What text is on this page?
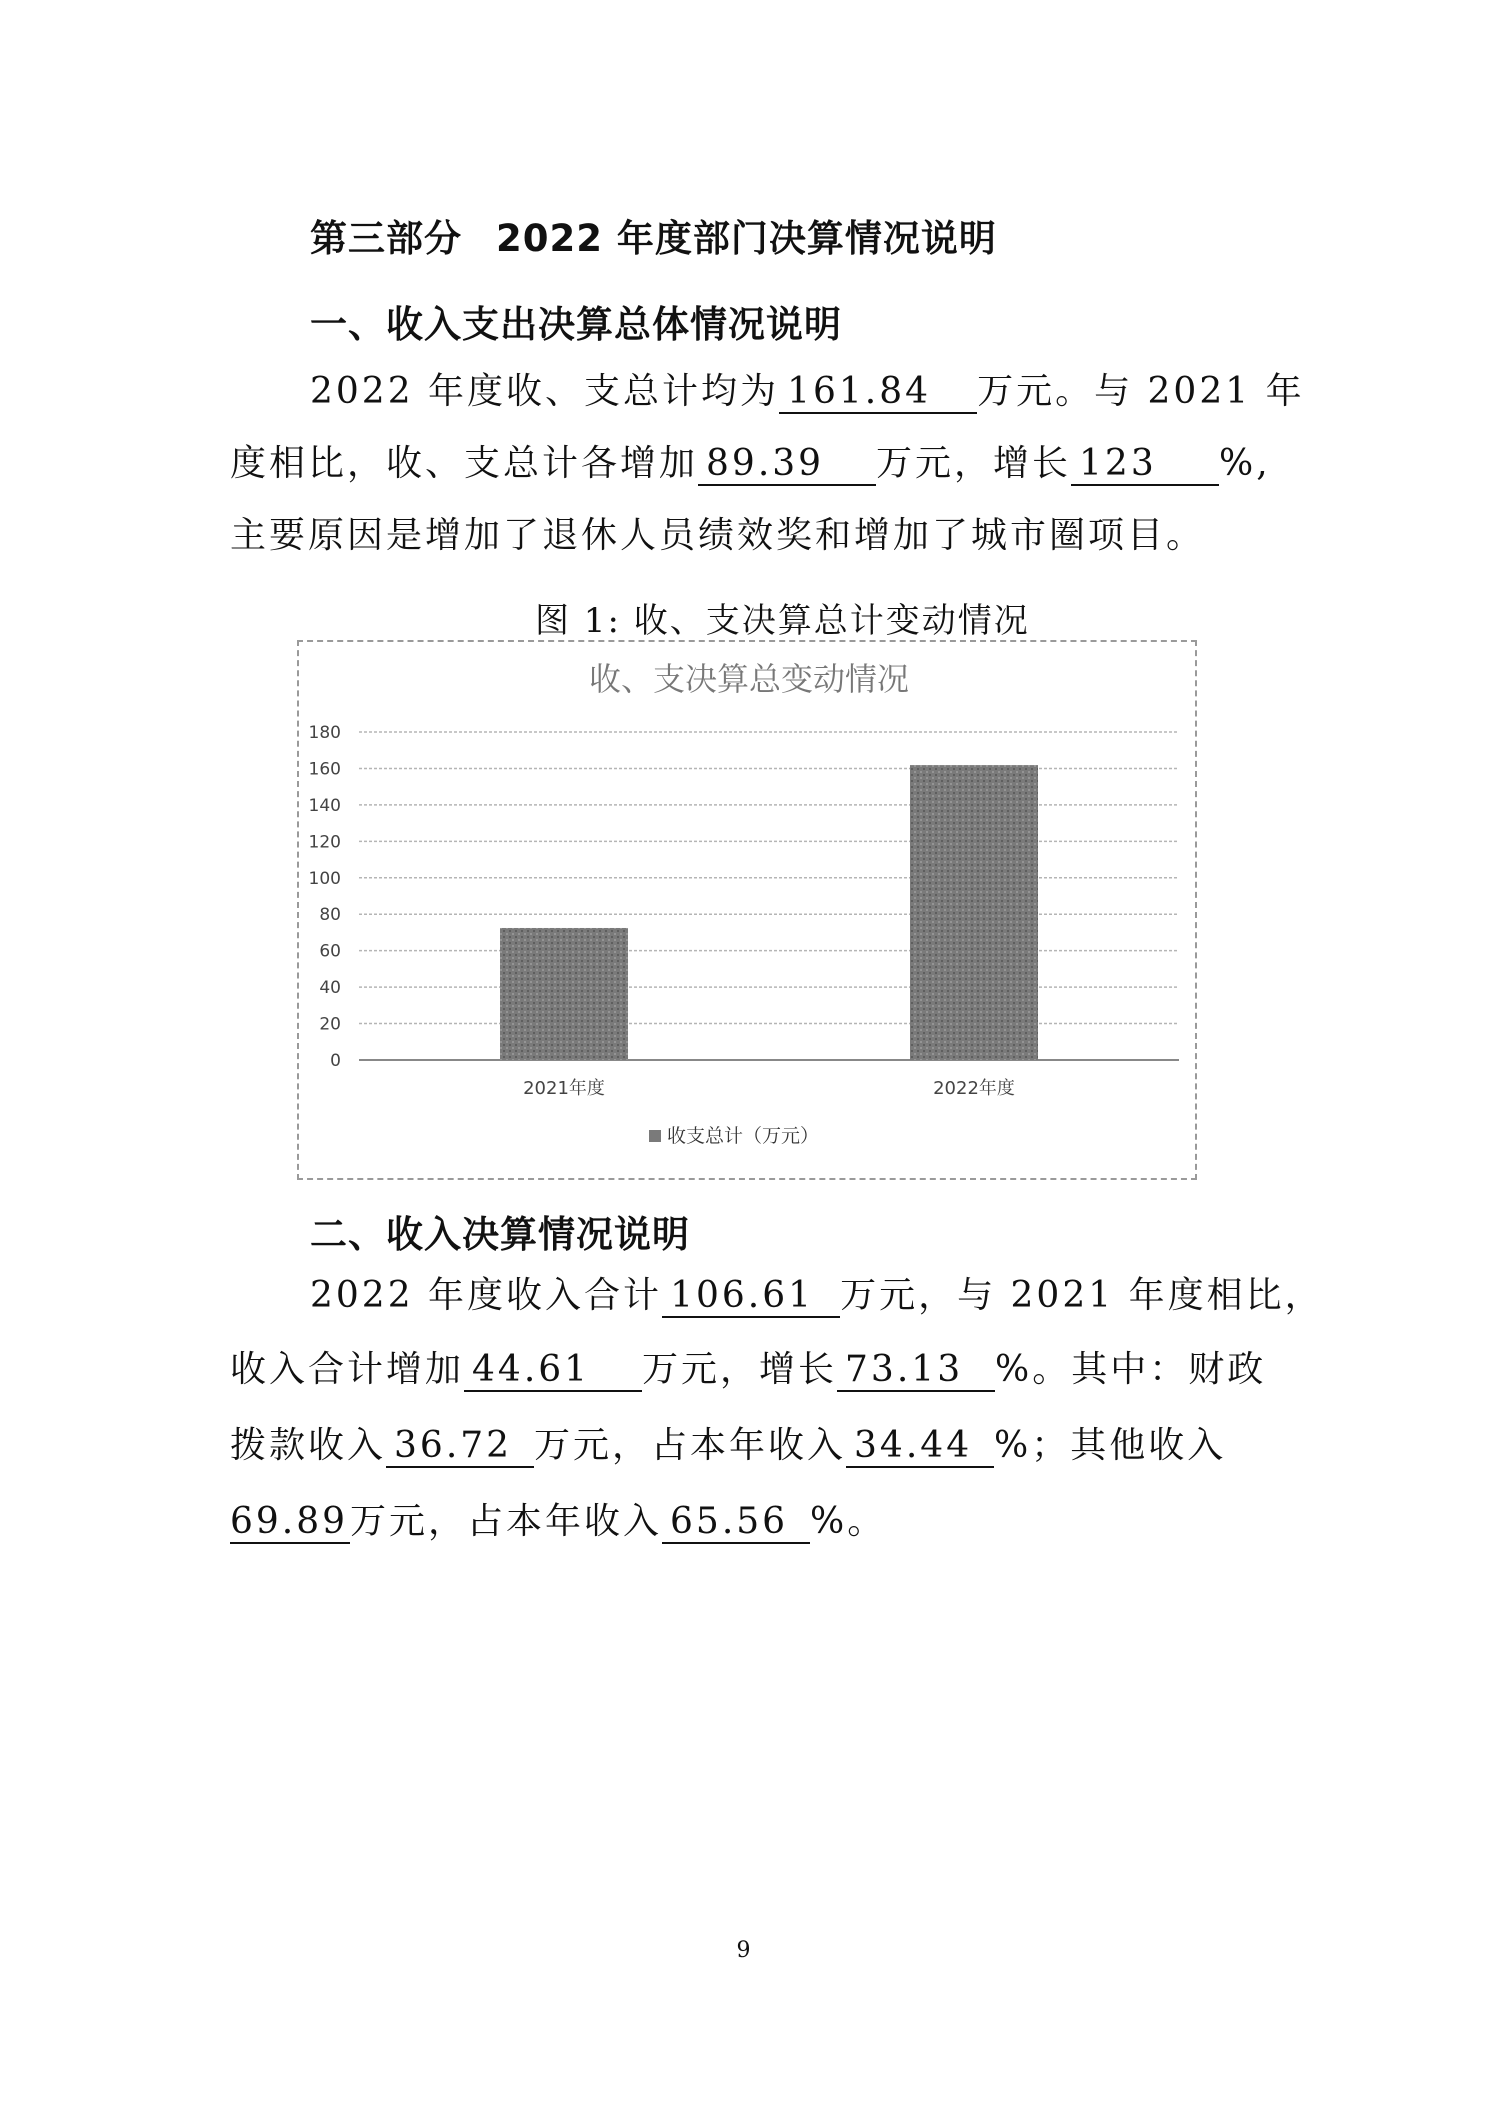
第三部分 2022 年度部门决算情况说明
一、收入支出决算总体情况说明
2022 年度收、支总计均为 161.84 万元。与 2021 年
度相比，收、支总计各增加 89.39 万元，增长 123 %,
主要原因是增加了退休人员绩效奖和增加了城市圈项目。
图 1: 收、支决算总计变动情况
收、支决算总变动情况
0
20
40
60
80
100
120
140
160
180
2021年度	2022年度
收支总计（万元）
二、收入决算情况说明
2022 年度收入合计 106.61 万元，与 2021 年度相比，
收入合计增加 44.61 万元，增长 73.13 %。其中：财政
拨款收入 36.72 万元，占本年收入 34.44 %；其他收入
69.89万元，占本年收入 65.56 %。
9
